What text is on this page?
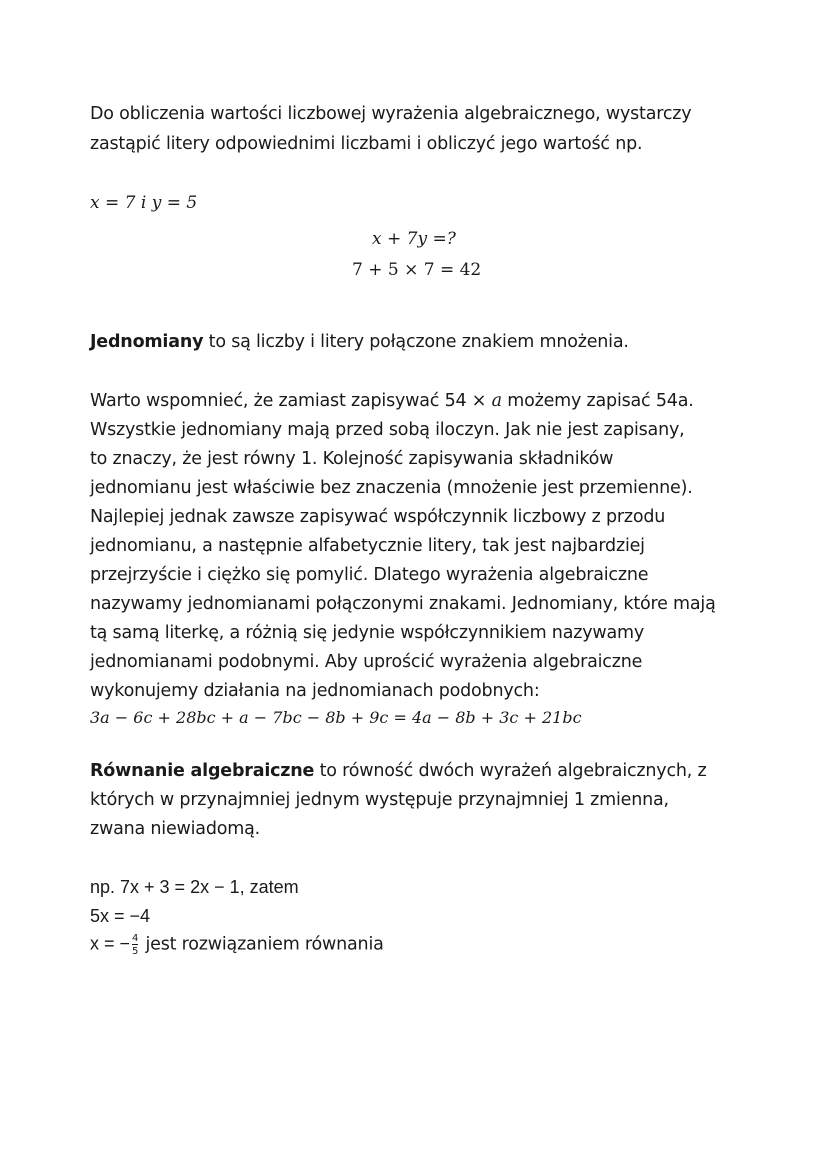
Do obliczenia wartości liczbowej wyrażenia algebraicznego, wystarczy
zastąpić litery odpowiednimi liczbami i obliczyć jego wartość np.
x = 7 i y = 5
x + 7y =?
7 + 5 × 7 = 42
Jednomiany to są liczby i litery połączone znakiem mnożenia.
Warto wspomnieć, że zamiast zapisywać 54 × a możemy zapisać 54a.
Wszystkie jednomiany mają przed sobą iloczyn. Jak nie jest zapisany,
to znaczy, że jest równy 1. Kolejność zapisywania składników
jednomianu jest właściwie bez znaczenia (mnożenie jest przemienne).
Najlepiej jednak zawsze zapisywać współczynnik liczbowy z przodu
jednomianu, a następnie alfabetycznie litery, tak jest najbardziej
przejrzyście i ciężko się pomylić. Dlatego wyrażenia algebraiczne
nazywamy jednomianami połączonymi znakami. Jednomiany, które mają
tą samą literkę, a różnią się jedynie współczynnikiem nazywamy
jednomianami podobnymi. Aby uprościć wyrażenia algebraiczne
wykonujemy działania na jednomianach podobnych:
3a − 6c + 28bc + a − 7bc − 8b + 9c = 4a − 8b + 3c + 21bc
Równanie algebraiczne to równość dwóch wyrażeń algebraicznych, z
których w przynajmniej jednym występuje przynajmniej 1 zmienna,
zwana niewiadomą.
np. 7x + 3 = 2x − 1, zatem
5x = −4
x = − $\frac{4}{5}$ jest rozwiązaniem równania
